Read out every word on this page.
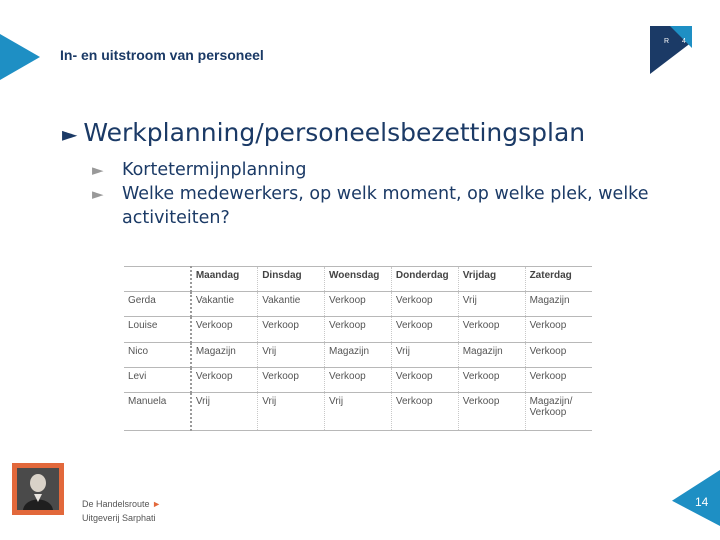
In- en uitstroom van personeel
R 4
► Werkplanning/personeelsbezettingsplan
► Kortetermijnplanning
► Welke medewerkers, op welk moment, op welke plek, welke activiteiten?
	Maandag	Dinsdag	Woensdag	Donderdag	Vrijdag	Zaterdag
Gerda	Vakantie	Vakantie	Verkoop	Verkoop	Vrij	Magazijn
Louise	Verkoop	Verkoop	Verkoop	Verkoop	Verkoop	Verkoop
Nico	Magazijn	Vrij	Magazijn	Vrij	Magazijn	Verkoop
Levi	Verkoop	Verkoop	Verkoop	Verkoop	Verkoop	Verkoop
Manuela	Vrij	Vrij	Vrij	Verkoop	Verkoop	Magazijn/ Verkoop
De Handelsroute ►
Uitgeverij Sarphati
14
